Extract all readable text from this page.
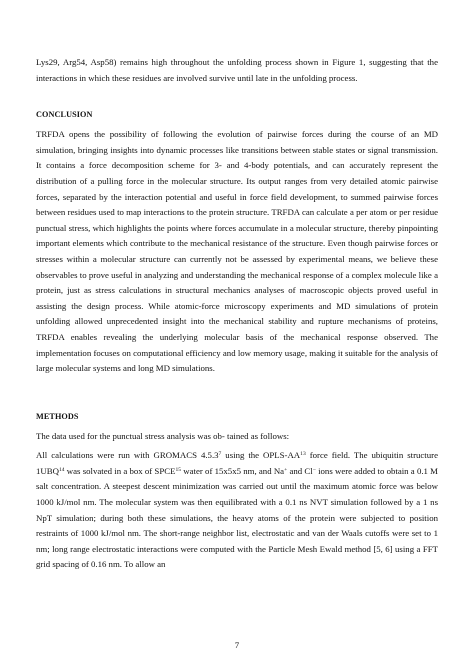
Lys29, Arg54, Asp58) remains high throughout the unfolding process shown in Figure 1, suggesting that the interactions in which these residues are involved survive until late in the unfolding process.

CONCLUSION

TRFDA opens the possibility of following the evolution of pairwise forces during the course of an MD simulation, bringing insights into dynamic processes like transitions between stable states or signal transmission. It contains a force decomposition scheme for 3- and 4-body potentials, and can accurately represent the distribution of a pulling force in the molecular structure. Its output ranges from very detailed atomic pairwise forces, separated by the interaction potential and useful in force field development, to summed pairwise forces between residues used to map interactions to the protein structure. TRFDA can calculate a per atom or per residue punctual stress, which highlights the points where forces accumulate in a molecular structure, thereby pinpointing important elements which contribute to the mechanical resistance of the structure. Even though pairwise forces or stresses within a molecular structure can currently not be assessed by experimental means, we believe these observables to prove useful in analyzing and understanding the mechanical response of a complex molecule like a protein, just as stress calculations in structural mechanics analyses of macroscopic objects proved useful in assisting the design process. While atomic-force microscopy experiments and MD simulations of protein unfolding allowed unprecedented insight into the mechanical stability and rupture mechanisms of proteins, TRFDA enables revealing the underlying molecular basis of the mechanical response observed. The implementation focuses on computational efficiency and low memory usage, making it suitable for the analysis of large molecular systems and long MD simulations.

METHODS

The data used for the punctual stress analysis was ob- tained as follows:

All calculations were run with GROMACS 4.5.3$^7$ using the OPLS-AA$^{13}$ force field. The ubiquitin structure 1UBQ$^{14}$ was solvated in a box of SPCE$^{15}$ water of 15x5x5 nm, and Na+ and Cl− ions were added to obtain a 0.1 M salt concentration. A steepest descent minimization was carried out until the maximum atomic force was below 1000 kJ/mol nm. The molecular system was then equilibrated with a 0.1 ns NVT simulation followed by a 1 ns NpT simulation; during both these simulations, the heavy atoms of the protein were subjected to position restraints of 1000 kJ/mol nm. The short-range neighbor list, electrostatic and van der Waals cutoffs were set to 1 nm; long range electrostatic interactions were computed with the Particle Mesh Ewald method [5, 6] using a FFT grid spacing of 0.16 nm. To allow an

7
